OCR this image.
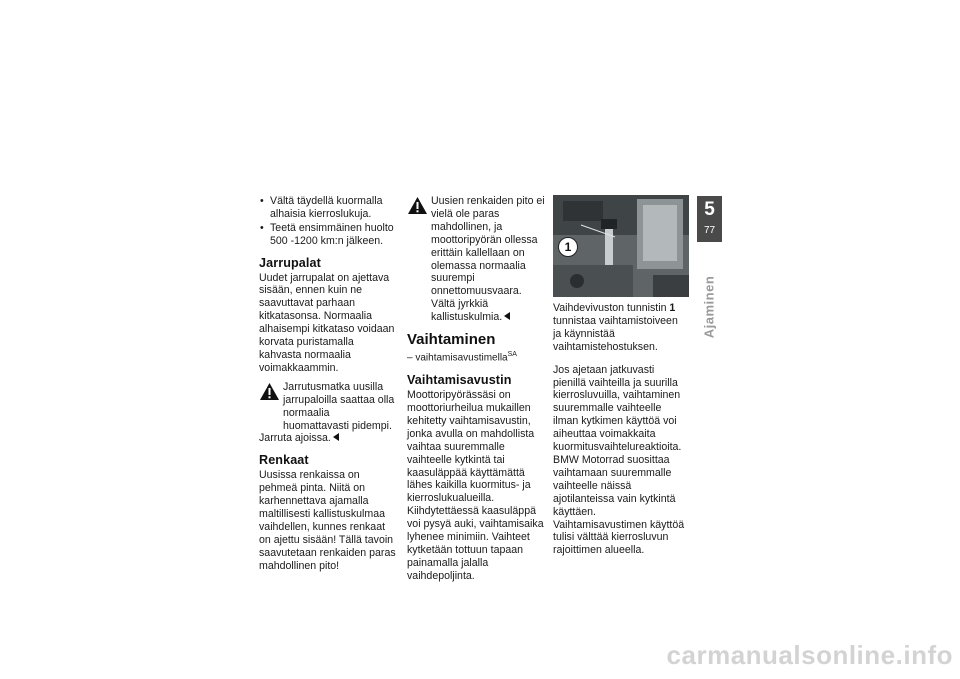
• Vältä täydellä kuormalla alhaisia kierroslukuja.
• Teetä ensimmäinen huolto 500 -1200 km:n jälkeen.
Jarrupalat

Uudet jarrupalat on ajettava sisään, ennen kuin ne saavuttavat parhaan kitkatasonsa. Normaalia alhaisempi kitkataso voidaan korvata puristamalla kahvasta normaalia voimakkaammin.

Jarrutusmatka uusilla jarrupaloilla saattaa olla normaalia huomattavasti pidempi.

Jarruta ajoissa.

Renkaat

Uusissa renkaissa on pehmeä pinta. Niitä on karhennettava ajamalla maltillisesti kallistuskulmaa vaihdellen, kunnes renkaat on ajettu sisään! Tällä tavoin saavutetaan renkaiden paras mahdollinen pito!

Uusien renkaiden pito ei vielä ole paras mahdollinen, ja moottoripyörän ollessa erittäin kallellaan on olemassa normaalia suurempi onnettomuusvaara. Vältä jyrkkiä kallistuskulmia.
Vaihtaminen

– vaihtamisavustimella$^{SA}$

Vaihtamisavustin

Moottoripyörässäsi on moottoriurheilua mukaillen kehitetty vaihtamisavustin, jonka avulla on mahdollista vaihtaa suuremmalle vaihteelle kytkintä tai kaasuläppää käyttämättä lähes kaikilla kuormitus- ja kierroslukualueilla. Kiihdytettäessä kaasuläppä voi pysyä auki, vaihtamisaika lyhenee minimiin. Vaihteet kytketään tottuun tapaan painamalla jalalla vaihdepoljinta.

1

Vaihdevivuston tunnistin 1 tunnistaa vaihtamistoiveen ja käynnistää vaihtamistehostuksen.

Jos ajetaan jatkuvasti pienillä vaihteilla ja suurilla kierrosluvuilla, vaihtaminen suuremmalle vaihteelle ilman kytkimen käyttöä voi aiheuttaa voimakkaita kuormitusvaihtelureaktioita. BMW Motorrad suosittaa vaihtamaan suuremmalle vaihteelle näissä ajotilanteissa vain kytkintä käyttäen. Vaihtamisavustimen käyttöä tulisi välttää kierrosluvun rajoittimen alueella.

5
77
Ajaminen
carmanualsonline.info
